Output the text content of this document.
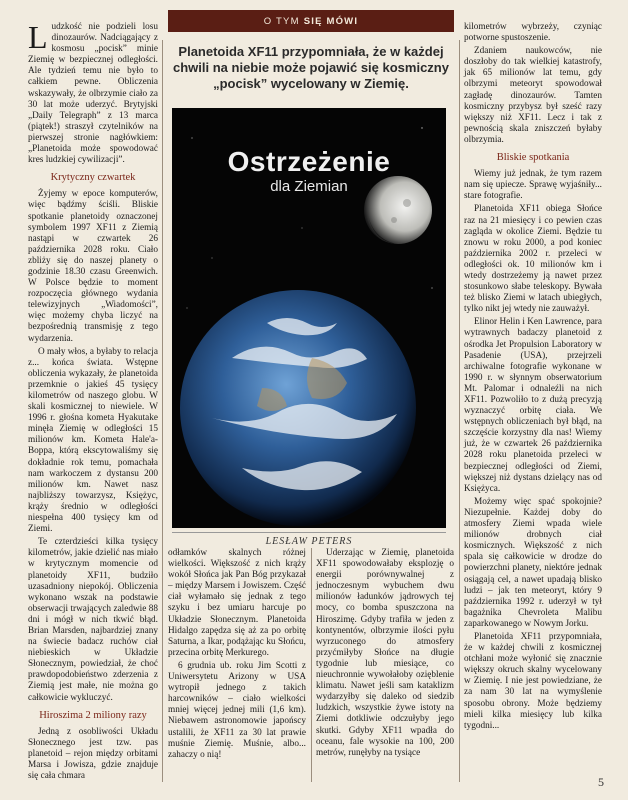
O TYM SIĘ MÓWI

Ludzkość nie podzieli losu dinozaurów. Nadciągający z kosmosu „pocisk” minie Ziemię w bezpiecznej odległości. Ale tydzień temu nie było to całkiem pewne. Obliczenia wskazywały, że olbrzymie ciało za 30 lat może uderzyć. Brytyjski „Daily Telegraph” z 13 marca (piątek!) straszył czytelników na pierwszej stronie nagłówkiem: „Planetoida może spowodować kres ludzkiej cywilizacji”.

Krytyczny czwartek

Żyjemy w epoce komputerów, więc bądźmy ściśli. Bliskie spotkanie planetoidy oznaczonej symbolem 1997 XF11 z Ziemią nastąpi w czwartek 26 października 2028 roku. Ciało zbliży się do naszej planety o godzinie 18.30 czasu Greenwich. W Polsce będzie to moment rozpoczęcia głównego wydania telewizyjnych „Wiadomości”, więc możemy chyba liczyć na bezpośrednią transmisję z tego wydarzenia.

O mały włos, a byłaby to relacja z... końca świata. Wstępne obliczenia wykazały, że planetoida przemknie o jakieś 45 tysięcy kilometrów od naszego globu. W skali kosmicznej to niewiele. W 1996 r. głośna kometa Hyakutake minęła Ziemię w odległości 15 milionów km. Kometa Hale'a-Boppa, którą ekscytowaliśmy się dokładnie rok temu, pomachała nam warkoczem z dystansu 200 milionów km. Nawet nasz najbliższy towarzysz, Księżyc, krąży średnio w odległości niespełna 400 tysięcy km od Ziemi.

Te czterdzieści kilka tysięcy kilometrów, jakie dzielić nas miało w krytycznym momencie od planetoidy XF11, budziło uzasadniony niepokój. Obliczenia wykonano wszak na podstawie obserwacji trwających zaledwie 88 dni i mógł w nich tkwić błąd. Brian Marsden, najbardziej znany na świecie badacz ruchów ciał niebieskich w Układzie Słonecznym, powiedział, że choć prawdopodobieństwo zderzenia z Ziemią jest małe, nie można go całkowicie wykluczyć.

Hiroszima 2 miliony razy

Jedną z osobliwości Układu Słonecznego jest tzw. pas planetoid – rejon między orbitami Marsa i Jowisza, gdzie znajduje się cała chmara

Planetoida XF11 przypomniała, że w każdej chwili na niebie może pojawić się kosmiczny „pocisk” wycelowany w Ziemię.
Ostrzeżenie
dla Ziemian
LESŁAW PETERS

odłamków skalnych różnej wielkości. Większość z nich krąży wokół Słońca jak Pan Bóg przykazał – między Marsem i Jowiszem. Część ciał wyłamało się jednak z tego szyku i bez umiaru harcuje po Układzie Słonecznym. Planetoida Hidalgo zapędza się aż za po orbitę Saturna, a Ikar, podążając ku Słońcu, przecina orbitę Merkurego.

6 grudnia ub. roku Jim Scotti z Uniwersytetu Arizony w USA wytropił jednego z takich harcowników – ciało wielkości mniej więcej jednej mili (1,6 km). Niebawem astronomowie japońscy ustalili, że XF11 za 30 lat prawie muśnie Ziemię. Muśnie, albo... zahaczy o nią!

Uderzając w Ziemię, planetoida XF11 spowodowałaby eksplozję o energii porównywalnej z jednoczesnym wybuchem dwu milionów ładunków jądrowych tej mocy, co bomba spuszczona na Hiroszimę. Gdyby trafiła w jeden z kontynentów, olbrzymie ilości pyłu wyrzuconego do atmosfery przyćmiłyby Słońce na długie tygodnie lub miesiące, co nieuchronnie wywołałoby ozięblenie klimatu. Nawet jeśli sam kataklizm wydarzyłby się daleko od siedzib ludzkich, wszystkie żywe istoty na Ziemi dotkliwie odczułyby jego skutki. Gdyby XF11 wpadła do oceanu, fale wysokie na 100, 200 metrów, runęłyby na tysiące

kilometrów wybrzeży, czyniąc potworne spustoszenie.

Zdaniem naukowców, nie doszłoby do tak wielkiej katastrofy, jak 65 milionów lat temu, gdy olbrzymi meteoryt spowodował zagładę dinozaurów. Tamten kosmiczny przybysz był sześć razy większy niż XF11. Lecz i tak z pewnością skala zniszczeń byłaby olbrzymia.

Bliskie spotkania

Wiemy już jednak, że tym razem nam się upiecze. Sprawę wyjaśniły... stare fotografie.

Planetoida XF11 obiega Słońce raz na 21 miesięcy i co pewien czas zagląda w okolice Ziemi. Będzie tu znowu w roku 2000, a pod koniec października 2002 r. przeleci w odległości ok. 10 milionów km i wtedy dostrzeżemy ją nawet przez stosunkowo słabe teleskopy. Bywała też blisko Ziemi w latach ubiegłych, tylko nikt jej wtedy nie zauważył.

Elinor Helin i Ken Lawrence, para wytrawnych badaczy planetoid z ośrodka Jet Propulsion Laboratory w Pasadenie (USA), przejrzeli archiwalne fotografie wykonane w 1990 r. w słynnym obserwatorium Mt. Palomar i odnaleźli na nich XF11. Pozwoliło to z dużą precyzją wyznaczyć orbitę ciała. We wstępnych obliczeniach był błąd, na szczęście korzystny dla nas! Wiemy już, że w czwartek 26 października 2028 roku planetoida przeleci w bezpiecznej odległości od Ziemi, większej niż dystans dzielący nas od Księżyca.

Możemy więc spać spokojnie? Niezupełnie. Każdej doby do atmosfery Ziemi wpada wiele milionów drobnych ciał kosmicznych. Większość z nich spala się całkowicie w drodze do powierzchni planety, niektóre jednak osiągają cel, a nawet upadają blisko ludzi – jak ten meteoryt, który 9 października 1992 r. uderzył w tył bagażnika Chevroleta Malibu zaparkowanego w Nowym Jorku.

Planetoida XF11 przypomniała, że w każdej chwili z kosmicznej otchłani może wyłonić się znacznie większy okruch skalny wycelowany w Ziemię. I nie jest powiedziane, że za nam 30 lat na wymyślenie sposobu obrony. Może będziemy mieli kilka miesięcy lub kilka tygodni...

5
